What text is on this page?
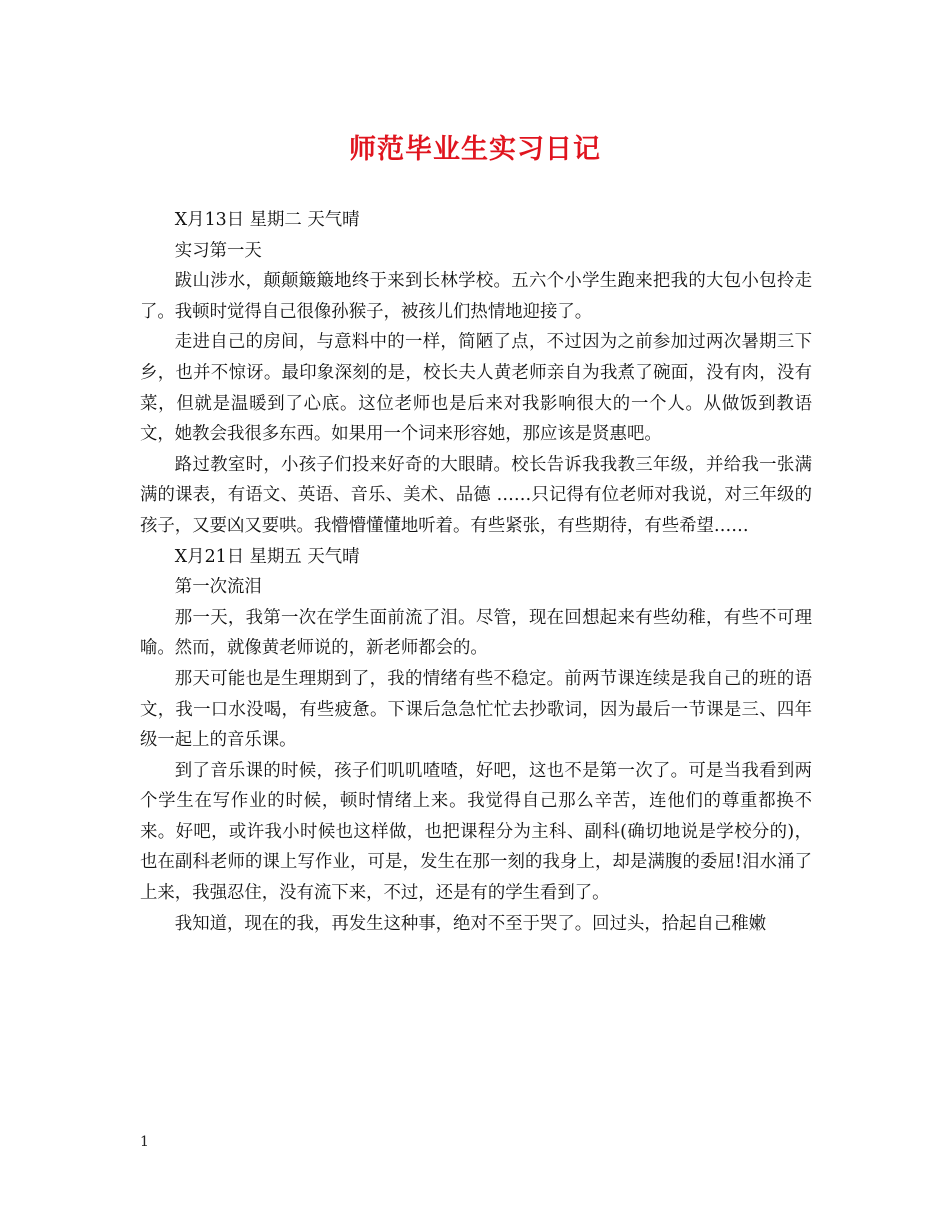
师范毕业生实习日记

X月13日 星期二 天气晴

实习第一天

跋山涉水，颠颠簸簸地终于来到长林学校。五六个小学生跑来把我的大包小包拎走了。我顿时觉得自己很像孙猴子，被孩儿们热情地迎接了。

走进自己的房间，与意料中的一样，简陋了点，不过因为之前参加过两次暑期三下乡，也并不惊讶。最印象深刻的是，校长夫人黄老师亲自为我煮了碗面，没有肉，没有菜，但就是温暖到了心底。这位老师也是后来对我影响很大的一个人。从做饭到教语文，她教会我很多东西。如果用一个词来形容她，那应该是贤惠吧。

路过教室时，小孩子们投来好奇的大眼睛。校长告诉我我教三年级，并给我一张满满的课表，有语文、英语、音乐、美术、品德 ……只记得有位老师对我说，对三年级的孩子，又要凶又要哄。我懵懵懂懂地听着。有些紧张，有些期待，有些希望……

X月21日 星期五 天气晴

第一次流泪

那一天，我第一次在学生面前流了泪。尽管，现在回想起来有些幼稚，有些不可理喻。然而，就像黄老师说的，新老师都会的。

那天可能也是生理期到了，我的情绪有些不稳定。前两节课连续是我自己的班的语文，我一口水没喝，有些疲惫。下课后急急忙忙去抄歌词，因为最后一节课是三、四年级一起上的音乐课。

到了音乐课的时候，孩子们叽叽喳喳，好吧，这也不是第一次了。可是当我看到两个学生在写作业的时候，顿时情绪上来。我觉得自己那么辛苦，连他们的尊重都换不来。好吧，或许我小时候也这样做，也把课程分为主科、副科(确切地说是学校分的)，也在副科老师的课上写作业，可是，发生在那一刻的我身上，却是满腹的委屈!泪水涌了上来，我强忍住，没有流下来，不过，还是有的学生看到了。

我知道，现在的我，再发生这种事，绝对不至于哭了。回过头，拾起自己稚嫩

1
